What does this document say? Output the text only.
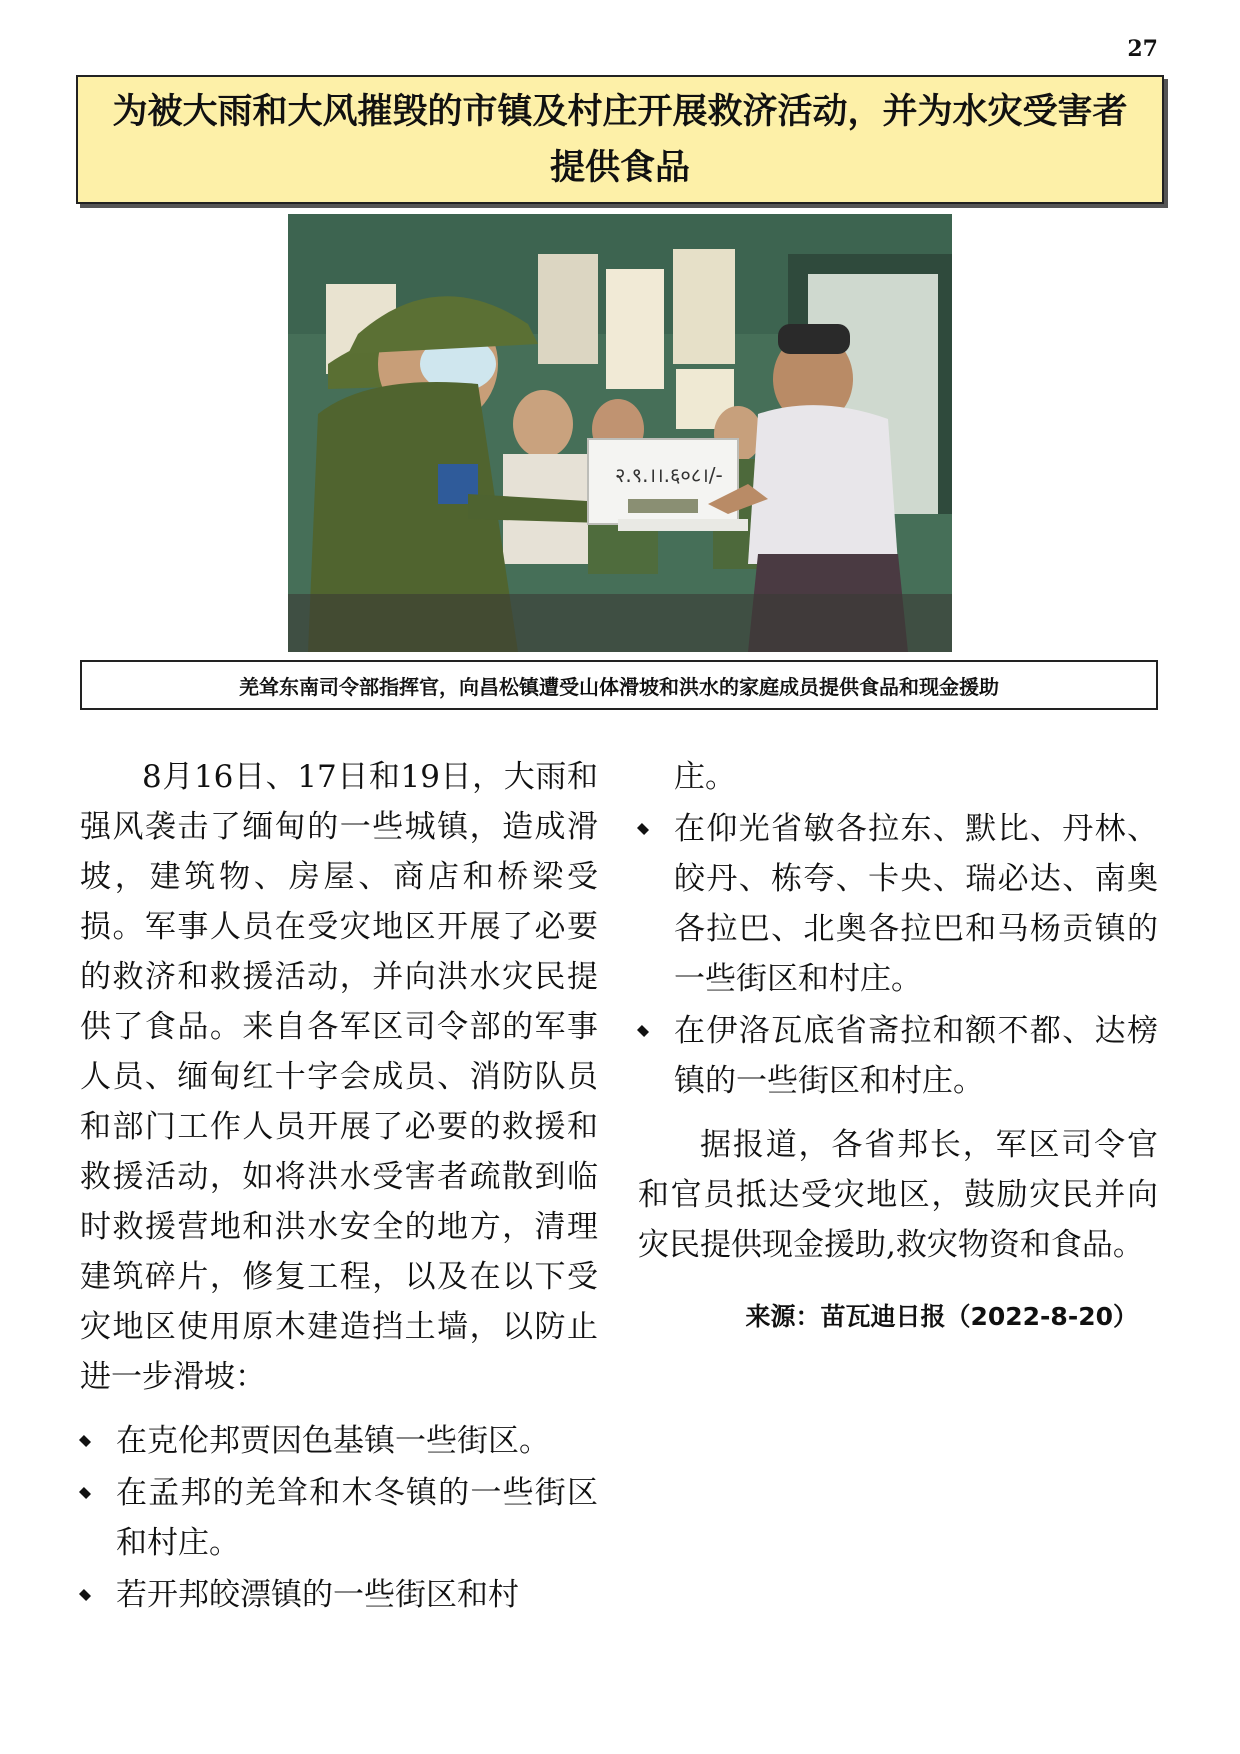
27
为被大雨和大风摧毁的市镇及村庄开展救济活动，并为水灾受害者提供食品
२.९.।।.६०८।/-
羌耸东南司令部指挥官，向昌松镇遭受山体滑坡和洪水的家庭成员提供食品和现金援助

8月16日、17日和19日，大雨和强风袭击了缅甸的一些城镇，造成滑坡，建筑物、房屋、商店和桥梁受损。军事人员在受灾地区开展了必要的救济和救援活动，并向洪水灾民提供了食品。来自各军区司令部的军事人员、缅甸红十字会成员、消防队员和部门工作人员开展了必要的救援和救援活动，如将洪水受害者疏散到临时救援营地和洪水安全的地方，清理建筑碎片，修复工程，以及在以下受灾地区使用原木建造挡土墙，以防止进一步滑坡：

在克伦邦贾因色基镇一些街区。
在孟邦的羌耸和木冬镇的一些街区和村庄。
若开邦皎漂镇的一些街区和村

庄。

在仰光省敏各拉东、默比、丹林、皎丹、栋夸、卡央、瑞必达、南奥各拉巴、北奥各拉巴和马杨贡镇的一些街区和村庄。
在伊洛瓦底省斋拉和额不都、达榜镇的一些街区和村庄。

据报道，各省邦长，军区司令官和官员抵达受灾地区，鼓励灾民并向灾民提供现金援助,救灾物资和食品。

来源：苗瓦迪日报（2022-8-20）
